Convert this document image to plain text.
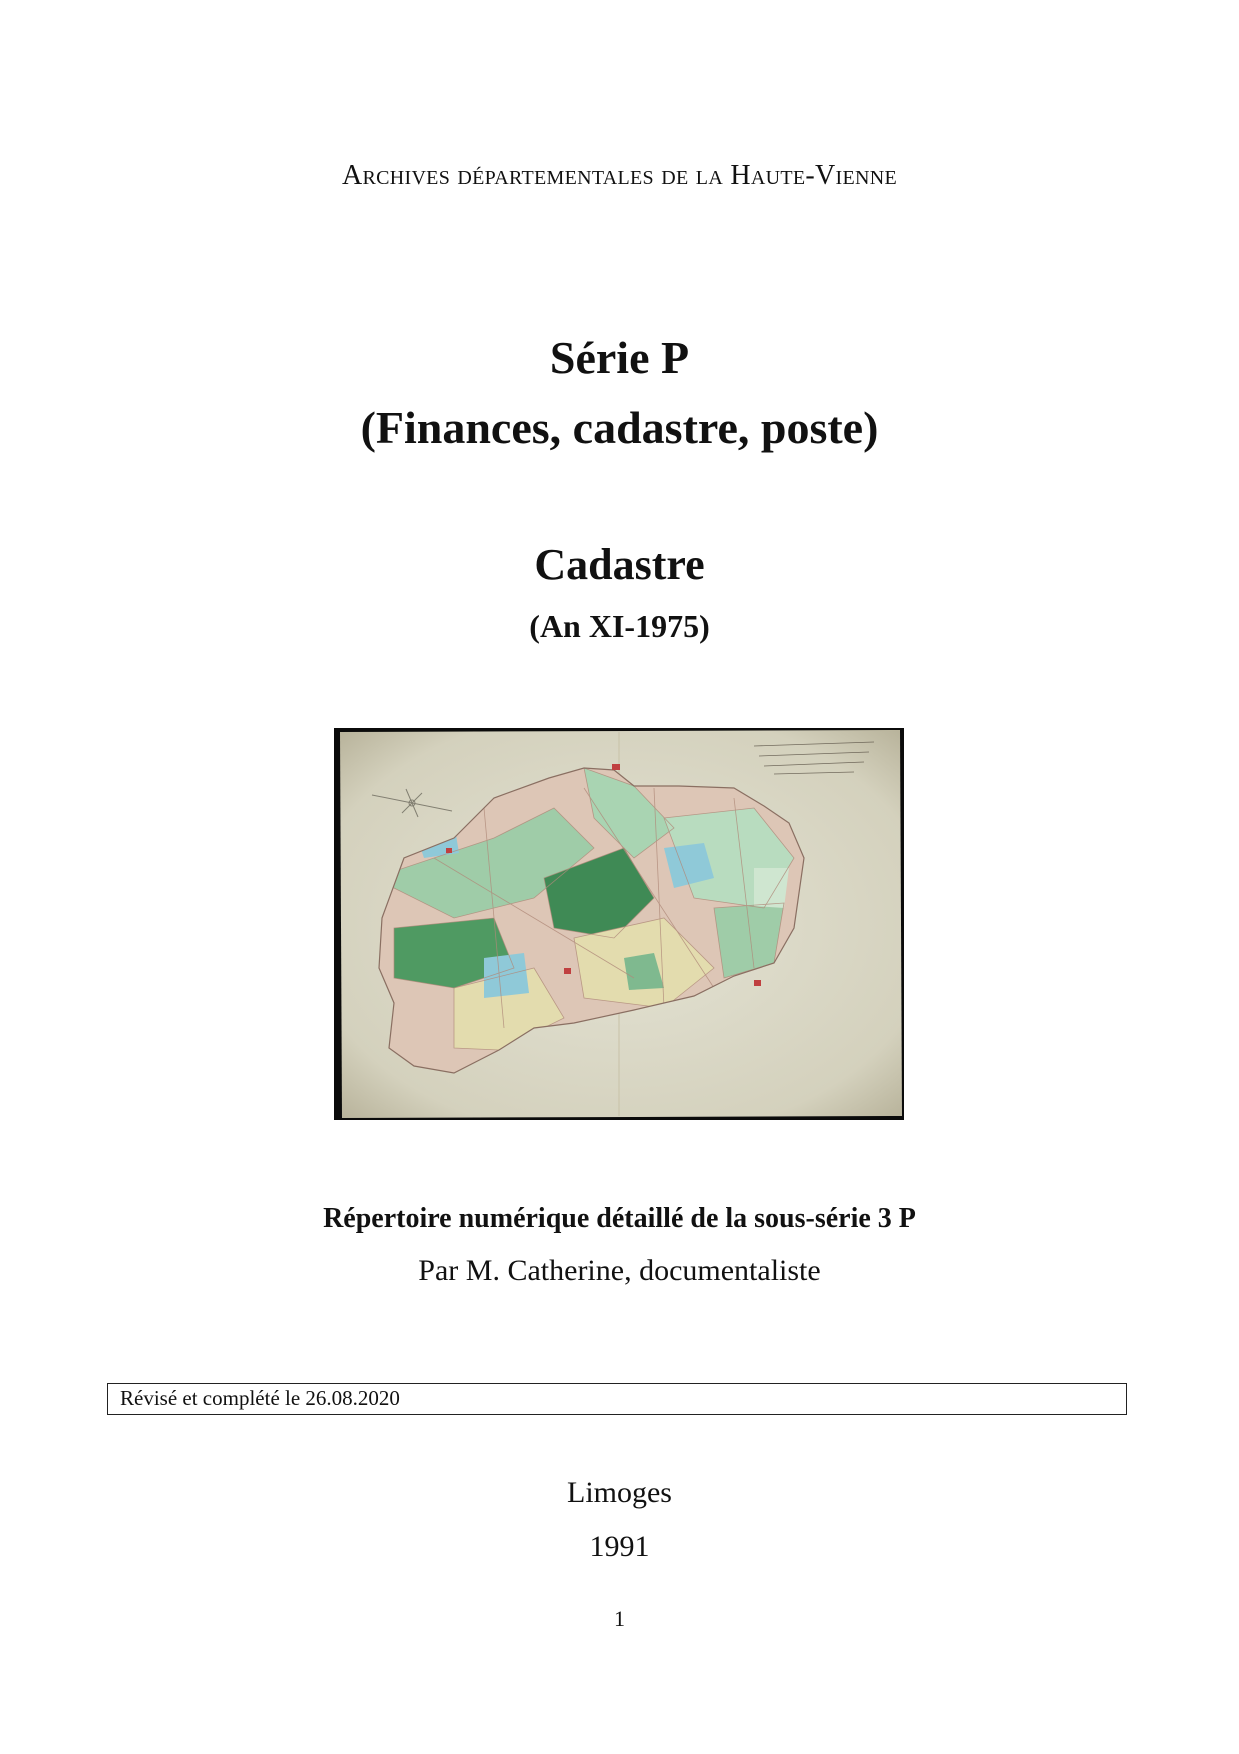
Archives départementales de la Haute-Vienne
Série P
(Finances, cadastre, poste)
Cadastre
(An XI-1975)
Répertoire numérique détaillé de la sous-série 3 P
Par M. Catherine, documentaliste
Révisé et complété le 26.08.2020
Limoges
1991
1
